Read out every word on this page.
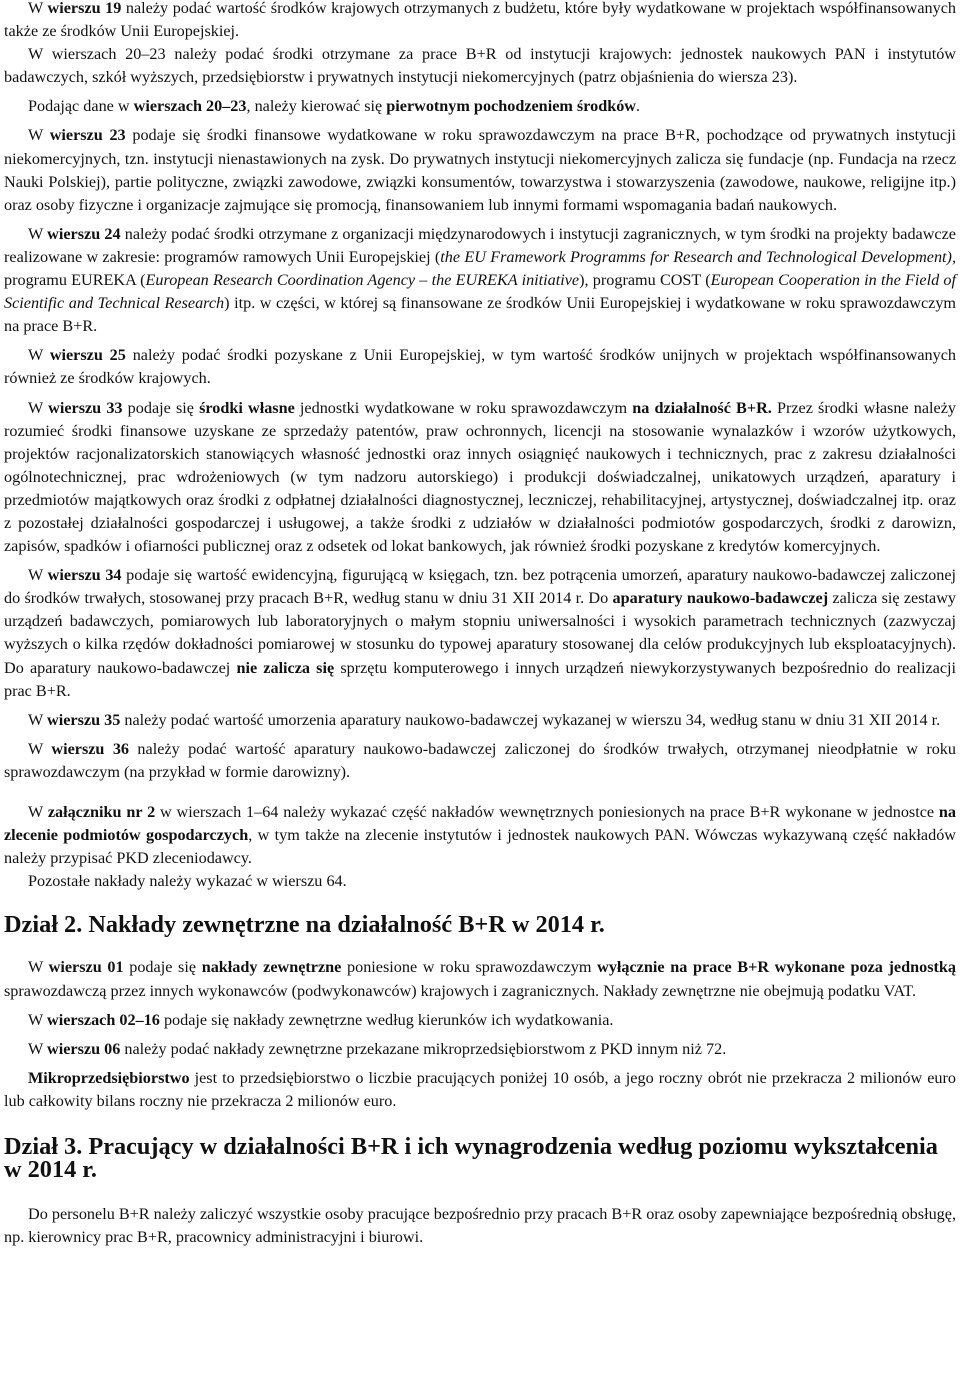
W wierszu 19 należy podać wartość środków krajowych otrzymanych z budżetu, które były wydatkowane w projektach współfinansowanych także ze środków Unii Europejskiej.

W wierszach 20–23 należy podać środki otrzymane za prace B+R od instytucji krajowych: jednostek naukowych PAN i instytutów badawczych, szkół wyższych, przedsiębiorstw i prywatnych instytucji niekomercyjnych (patrz objaśnienia do wiersza 23).

Podając dane w wierszach 20–23, należy kierować się pierwotnym pochodzeniem środków.

W wierszu 23 podaje się środki finansowe wydatkowane w roku sprawozdawczym na prace B+R, pochodzące od prywatnych instytucji niekomercyjnych, tzn. instytucji nienastawionych na zysk. Do prywatnych instytucji niekomercyjnych zalicza się fundacje (np. Fundacja na rzecz Nauki Polskiej), partie polityczne, związki zawodowe, związki konsumentów, towarzystwa i stowarzyszenia (zawodowe, naukowe, religijne itp.) oraz osoby fizyczne i organizacje zajmujące się promocją, finansowaniem lub innymi formami wspomagania badań naukowych.

W wierszu 24 należy podać środki otrzymane z organizacji międzynarodowych i instytucji zagranicznych, w tym środki na projekty badawcze realizowane w zakresie: programów ramowych Unii Europejskiej (the EU Framework Programms for Research and Technological Development), programu EUREKA (European Research Coordination Agency – the EUREKA initiative), programu COST (European Cooperation in the Field of Scientific and Technical Research) itp. w części, w której są finansowane ze środków Unii Europejskiej i wydatkowane w roku sprawozdawczym na prace B+R.

W wierszu 25 należy podać środki pozyskane z Unii Europejskiej, w tym wartość środków unijnych w projektach współfinansowanych również ze środków krajowych.

W wierszu 33 podaje się środki własne jednostki wydatkowane w roku sprawozdawczym na działalność B+R. Przez środki własne należy rozumieć środki finansowe uzyskane ze sprzedaży patentów, praw ochronnych, licencji na stosowanie wynalazków i wzorów użytkowych, projektów racjonalizatorskich stanowiących własność jednostki oraz innych osiągnięć naukowych i technicznych, prac z zakresu działalności ogólnotechnicznej, prac wdrożeniowych (w tym nadzoru autorskiego) i produkcji doświadczalnej, unikatowych urządzeń, aparatury i przedmiotów majątkowych oraz środki z odpłatnej działalności diagnostycznej, leczniczej, rehabilitacyjnej, artystycznej, doświadczalnej itp. oraz z pozostałej działalności gospodarczej i usługowej, a także środki z udziałów w działalności podmiotów gospodarczych, środki z darowizn, zapisów, spadków i ofiarności publicznej oraz z odsetek od lokat bankowych, jak również środki pozyskane z kredytów komercyjnych.

W wierszu 34 podaje się wartość ewidencyjną, figurującą w księgach, tzn. bez potrącenia umorzeń, aparatury naukowo-badawczej zaliczonej do środków trwałych, stosowanej przy pracach B+R, według stanu w dniu 31 XII 2014 r. Do aparatury naukowo-badawczej zalicza się zestawy urządzeń badawczych, pomiarowych lub laboratoryjnych o małym stopniu uniwersalności i wysokich parametrach technicznych (zazwyczaj wyższych o kilka rzędów dokładności pomiarowej w stosunku do typowej aparatury stosowanej dla celów produkcyjnych lub eksploatacyjnych). Do aparatury naukowo-badawczej nie zalicza się sprzętu komputerowego i innych urządzeń niewykorzystywanych bezpośrednio do realizacji prac B+R.

W wierszu 35 należy podać wartość umorzenia aparatury naukowo-badawczej wykazanej w wierszu 34, według stanu w dniu 31 XII 2014 r.

W wierszu 36 należy podać wartość aparatury naukowo-badawczej zaliczonej do środków trwałych, otrzymanej nieodpłatnie w roku sprawozdawczym (na przykład w formie darowizny).

W załączniku nr 2 w wierszach 1–64 należy wykazać część nakładów wewnętrznych poniesionych na prace B+R wykonane w jednostce na zlecenie podmiotów gospodarczych, w tym także na zlecenie instytutów i jednostek naukowych PAN. Wówczas wykazywaną część nakładów należy przypisać PKD zleceniodawcy.

Pozostałe nakłady należy wykazać w wierszu 64.

Dział 2. Nakłady zewnętrzne na działalność B+R w 2014 r.

W wierszu 01 podaje się nakłady zewnętrzne poniesione w roku sprawozdawczym wyłącznie na prace B+R wykonane poza jednostką sprawozdawczą przez innych wykonawców (podwykonawców) krajowych i zagranicznych. Nakłady zewnętrzne nie obejmują podatku VAT.

W wierszach 02–16 podaje się nakłady zewnętrzne według kierunków ich wydatkowania.

W wierszu 06 należy podać nakłady zewnętrzne przekazane mikroprzedsiębiorstwom z PKD innym niż 72.

Mikroprzedsiębiorstwo jest to przedsiębiorstwo o liczbie pracujących poniżej 10 osób, a jego roczny obrót nie przekracza 2 milionów euro lub całkowity bilans roczny nie przekracza 2 milionów euro.

Dział 3. Pracujący w działalności B+R i ich wynagrodzenia według poziomu wykształcenia w 2014 r.

Do personelu B+R należy zaliczyć wszystkie osoby pracujące bezpośrednio przy pracach B+R oraz osoby zapewniające bezpośrednią obsługę, np. kierownicy prac B+R, pracownicy administracyjni i biurowi.
